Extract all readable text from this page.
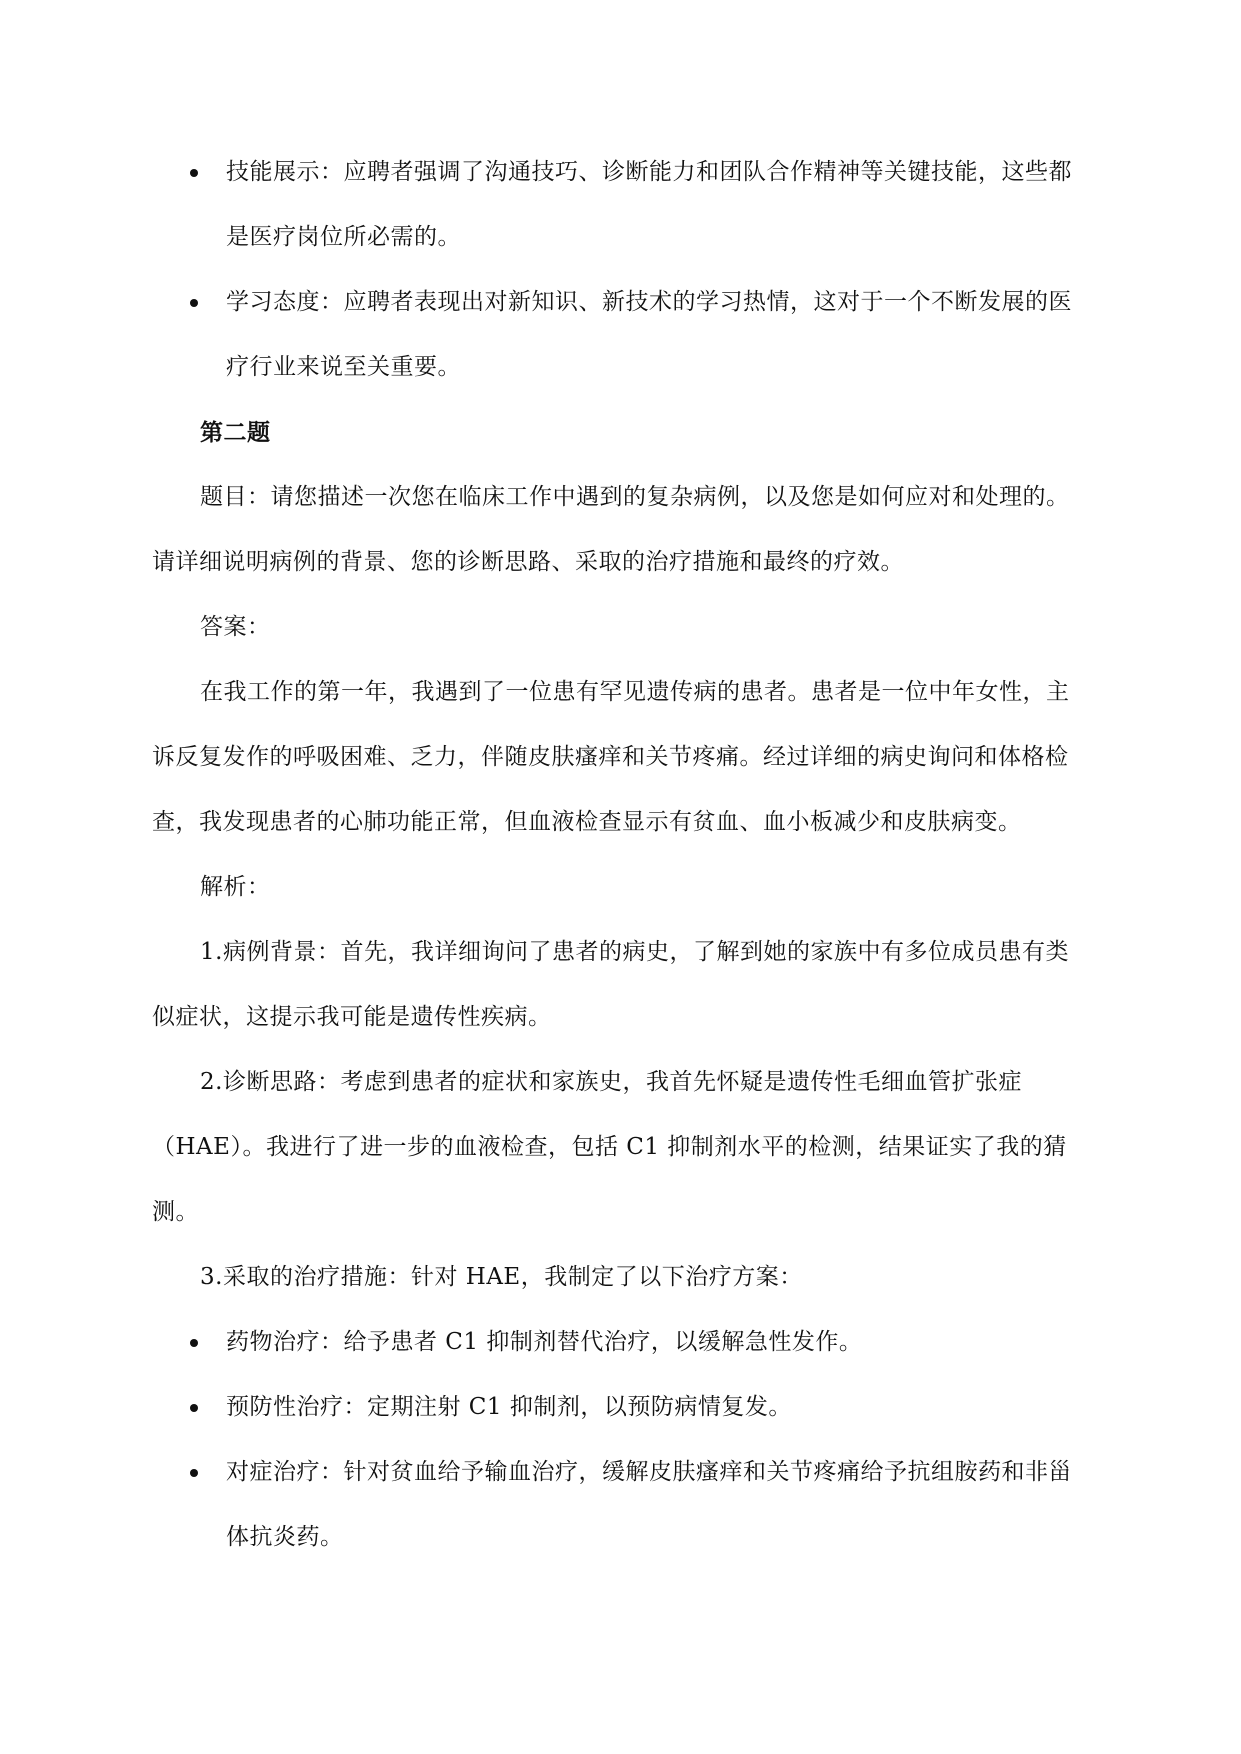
技能展示：应聘者强调了沟通技巧、诊断能力和团队合作精神等关键技能，这些都是医疗岗位所必需的。
学习态度：应聘者表现出对新知识、新技术的学习热情，这对于一个不断发展的医疗行业来说至关重要。

第二题

题目：请您描述一次您在临床工作中遇到的复杂病例，以及您是如何应对和处理的。请详细说明病例的背景、您的诊断思路、采取的治疗措施和最终的疗效。

答案：

在我工作的第一年，我遇到了一位患有罕见遗传病的患者。患者是一位中年女性，主诉反复发作的呼吸困难、乏力，伴随皮肤瘙痒和关节疼痛。经过详细的病史询问和体格检查，我发现患者的心肺功能正常，但血液检查显示有贫血、血小板减少和皮肤病变。

解析：

1.病例背景：首先，我详细询问了患者的病史，了解到她的家族中有多位成员患有类似症状，这提示我可能是遗传性疾病。

2.诊断思路：考虑到患者的症状和家族史，我首先怀疑是遗传性毛细血管扩张症（HAE）。我进行了进一步的血液检查，包括 C1 抑制剂水平的检测，结果证实了我的猜测。

3.采取的治疗措施：针对 HAE，我制定了以下治疗方案：

药物治疗：给予患者 C1 抑制剂替代治疗，以缓解急性发作。
预防性治疗：定期注射 C1 抑制剂，以预防病情复发。
对症治疗：针对贫血给予输血治疗，缓解皮肤瘙痒和关节疼痛给予抗组胺药和非甾体抗炎药。
